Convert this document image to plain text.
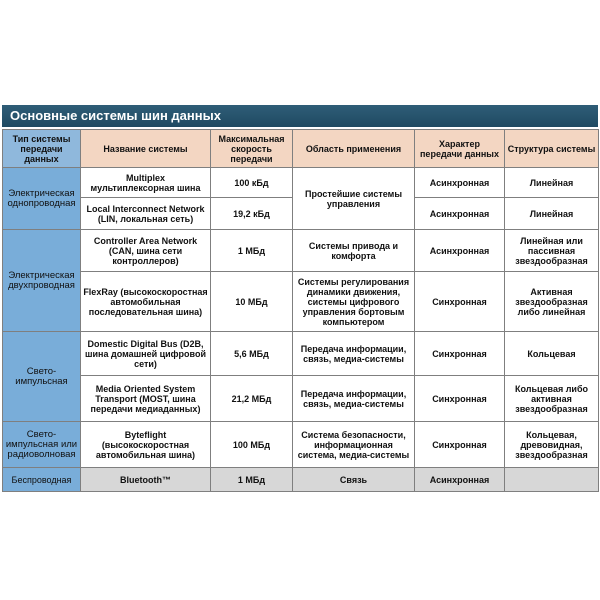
Основные системы шин данных
Тип системы передачи данных	Название системы	Максимальная скорость передачи	Область применения	Характер передачи данных	Структура системы
Электрическая однопроводная	Multiplex мультиплексорная шина	100 кБд	Простейшие системы управления	Асинхронная	Линейная
	Local Interconnect Network (LIN, локальная сеть)	19,2 кБд		Асинхронная	Линейная
Электрическая двухпроводная	Controller Area Network (CAN, шина сети контроллеров)	1 МБд	Системы привода и комфорта	Асинхронная	Линейная или пассивная звездообразная
	FlexRay (высокоскоростная автомобильная последовательная шина)	10 МБд	Системы регулирования динамики движения, системы цифрового управления бортовым компьютером	Синхронная	Активная звездообразная либо линейная
Свето- импульсная	Domestic Digital Bus (D2B, шина домашней цифровой сети)	5,6 МБд	Передача информации, связь, медиа-системы	Синхронная	Кольцевая
	Media Oriented System Transport (MOST, шина передачи медиаданных)	21,2 МБд	Передача информации, связь, медиа-системы	Синхронная	Кольцевая либо активная звездообразная
Свето- импульсная или радиоволновая	Byteflight (высокоскоростная автомобильная шина)	100 МБд	Система безопасности, информационная система, медиа-системы	Синхронная	Кольцевая, древовидная, звездообразная
Беспроводная	Bluetooth™	1 МБд	Связь	Асинхронная	
